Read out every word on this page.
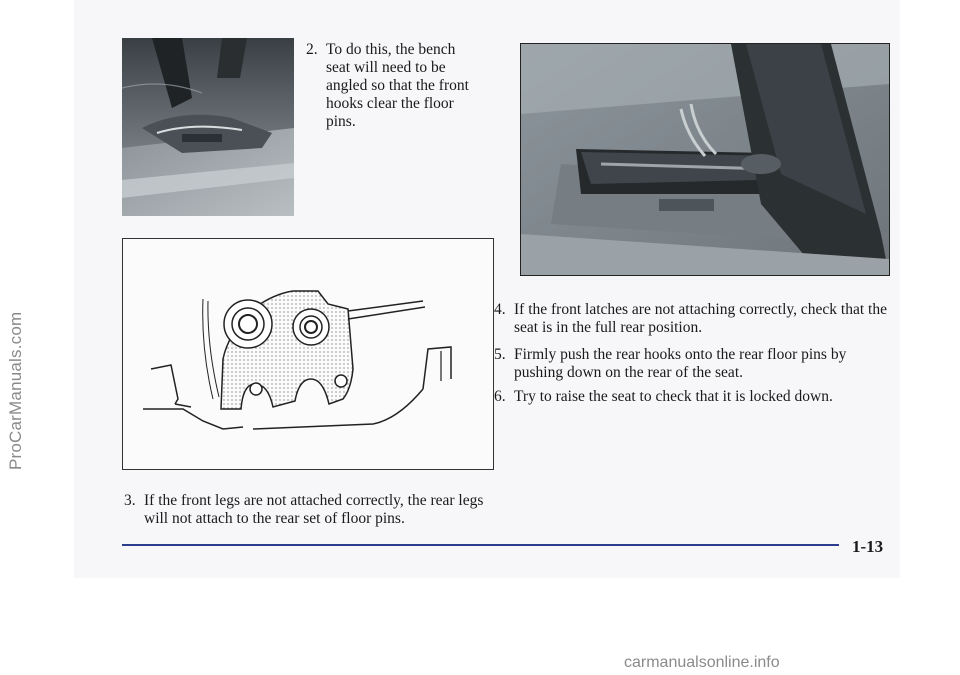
ProCarManuals.com
2. To do this, the bench seat will need to be angled so that the front hooks clear the floor pins.
3. If the front legs are not attached correctly, the rear legs will not attach to the rear set of floor pins.
4. If the front latches are not attaching correctly, check that the seat is in the full rear position.
5. Firmly push the rear hooks onto the rear floor pins by pushing down on the rear of the seat.
6. Try to raise the seat to check that it is locked down.
1-13
carmanualsonline.info
